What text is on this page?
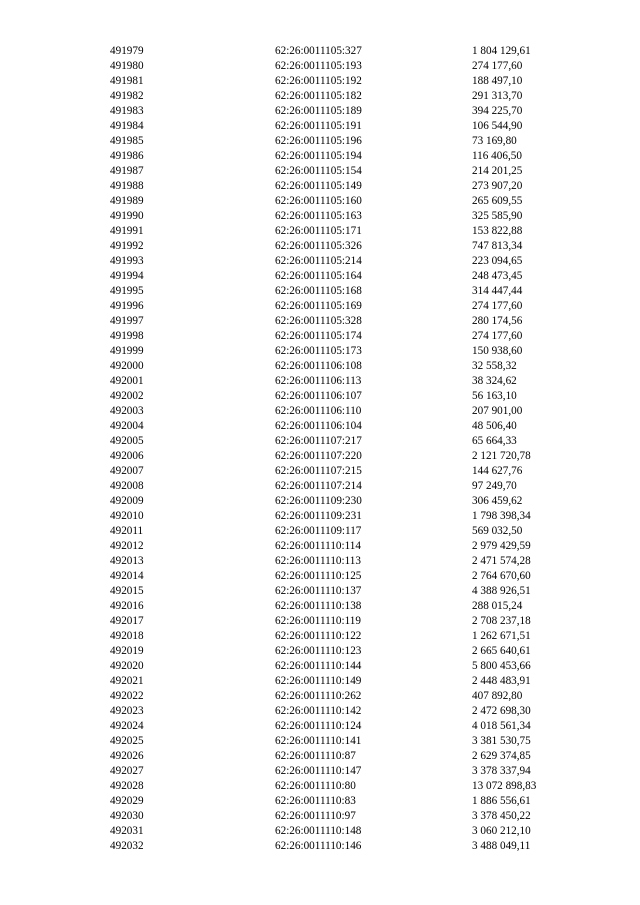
491979	62:26:0011105:327	1 804 129,61
491980	62:26:0011105:193	274 177,60
491981	62:26:0011105:192	188 497,10
491982	62:26:0011105:182	291 313,70
491983	62:26:0011105:189	394 225,70
491984	62:26:0011105:191	106 544,90
491985	62:26:0011105:196	73 169,80
491986	62:26:0011105:194	116 406,50
491987	62:26:0011105:154	214 201,25
491988	62:26:0011105:149	273 907,20
491989	62:26:0011105:160	265 609,55
491990	62:26:0011105:163	325 585,90
491991	62:26:0011105:171	153 822,88
491992	62:26:0011105:326	747 813,34
491993	62:26:0011105:214	223 094,65
491994	62:26:0011105:164	248 473,45
491995	62:26:0011105:168	314 447,44
491996	62:26:0011105:169	274 177,60
491997	62:26:0011105:328	280 174,56
491998	62:26:0011105:174	274 177,60
491999	62:26:0011105:173	150 938,60
492000	62:26:0011106:108	32 558,32
492001	62:26:0011106:113	38 324,62
492002	62:26:0011106:107	56 163,10
492003	62:26:0011106:110	207 901,00
492004	62:26:0011106:104	48 506,40
492005	62:26:0011107:217	65 664,33
492006	62:26:0011107:220	2 121 720,78
492007	62:26:0011107:215	144 627,76
492008	62:26:0011107:214	97 249,70
492009	62:26:0011109:230	306 459,62
492010	62:26:0011109:231	1 798 398,34
492011	62:26:0011109:117	569 032,50
492012	62:26:0011110:114	2 979 429,59
492013	62:26:0011110:113	2 471 574,28
492014	62:26:0011110:125	2 764 670,60
492015	62:26:0011110:137	4 388 926,51
492016	62:26:0011110:138	288 015,24
492017	62:26:0011110:119	2 708 237,18
492018	62:26:0011110:122	1 262 671,51
492019	62:26:0011110:123	2 665 640,61
492020	62:26:0011110:144	5 800 453,66
492021	62:26:0011110:149	2 448 483,91
492022	62:26:0011110:262	407 892,80
492023	62:26:0011110:142	2 472 698,30
492024	62:26:0011110:124	4 018 561,34
492025	62:26:0011110:141	3 381 530,75
492026	62:26:0011110:87	2 629 374,85
492027	62:26:0011110:147	3 378 337,94
492028	62:26:0011110:80	13 072 898,83
492029	62:26:0011110:83	1 886 556,61
492030	62:26:0011110:97	3 378 450,22
492031	62:26:0011110:148	3 060 212,10
492032	62:26:0011110:146	3 488 049,11
